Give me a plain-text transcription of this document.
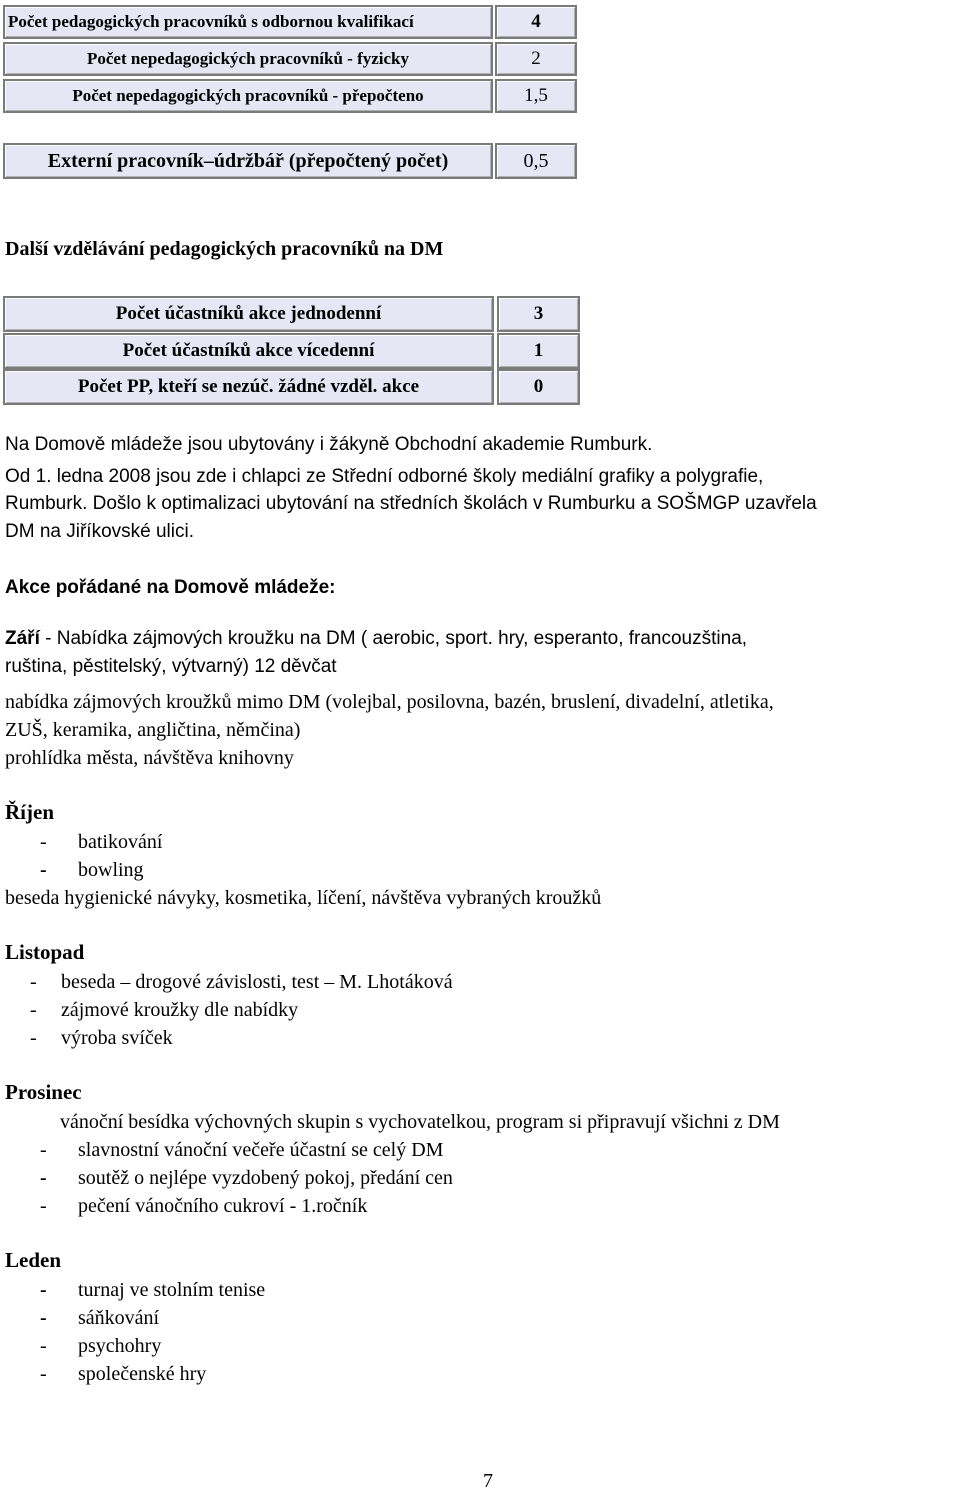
Počet pedagogických pracovníků s odbornou kvalifikací	4
Počet nepedagogických pracovníků - fyzicky	2
Počet nepedagogických pracovníků - přepočteno	1,5
Externí pracovník–údržbář (přepočtený počet)	0,5
Další vzdělávání pedagogických pracovníků na DM
Počet účastníků akce jednodenní	3
Počet účastníků akce vícedenní	1
Počet PP, kteří se nezúč. žádné vzděl. akce	0
Na Domově mládeže jsou ubytovány i žákyně Obchodní akademie Rumburk.
Od 1. ledna 2008 jsou zde i chlapci ze Střední odborné školy mediální grafiky a polygrafie,
Rumburk. Došlo k optimalizaci ubytování na středních školách v Rumburku a SOŠMGP uzavřela
DM na Jiříkovské ulici.
Akce pořádané na Domově mládeže:
Září - Nabídka zájmových kroužku na DM ( aerobic, sport. hry, esperanto, francouzština,
ruština, pěstitelský, výtvarný) 12 děvčat
nabídka zájmových kroužků mimo DM (volejbal, posilovna, bazén, bruslení, divadelní, atletika,
ZUŠ, keramika, angličtina, němčina)
prohlídka města, návštěva knihovny
Říjen
- batikování
- bowling
beseda hygienické návyky, kosmetika, líčení, návštěva vybraných kroužků
Listopad
- beseda – drogové závislosti, test – M. Lhotáková
- zájmové kroužky dle nabídky
- výroba svíček
Prosinec
vánoční besídka výchovných skupin s vychovatelkou, program si připravují všichni z DM
- slavnostní vánoční večeře účastní se celý DM
- soutěž o nejlépe vyzdobený pokoj, předání cen
- pečení vánočního cukroví - 1.ročník
Leden
- turnaj ve stolním tenise
- sáňkování
- psychohry
- společenské hry
7
